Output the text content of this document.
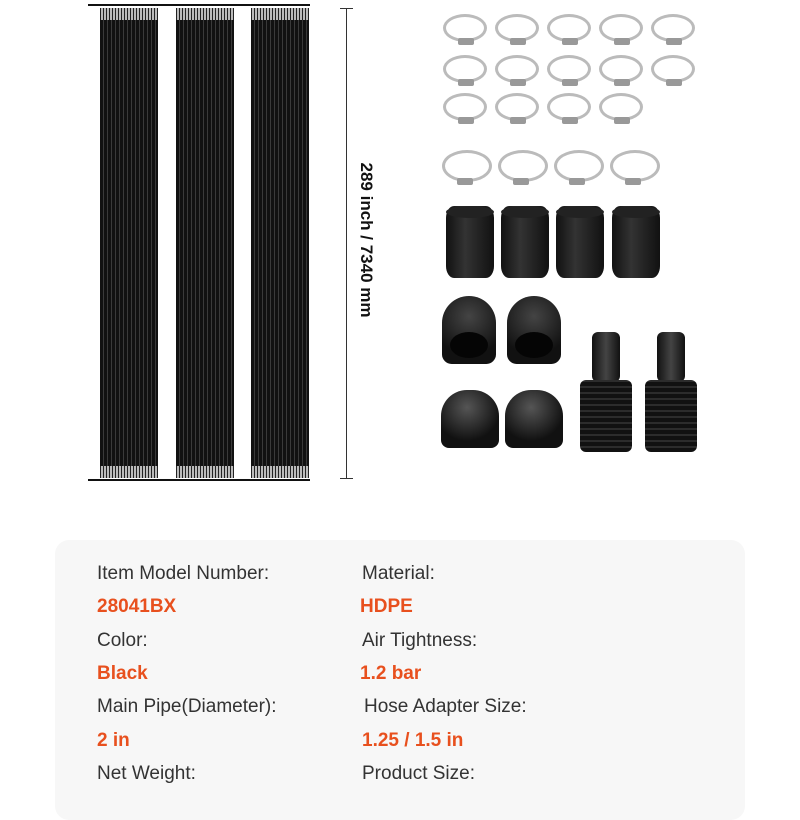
289 inch / 7340 mm
Item Model Number:
28041BX
Color:
Black
Main Pipe(Diameter):
2 in
Net Weight:
Material:
HDPE
Air Tightness:
1.2 bar
Hose Adapter Size:
1.25 / 1.5 in
Product Size:
